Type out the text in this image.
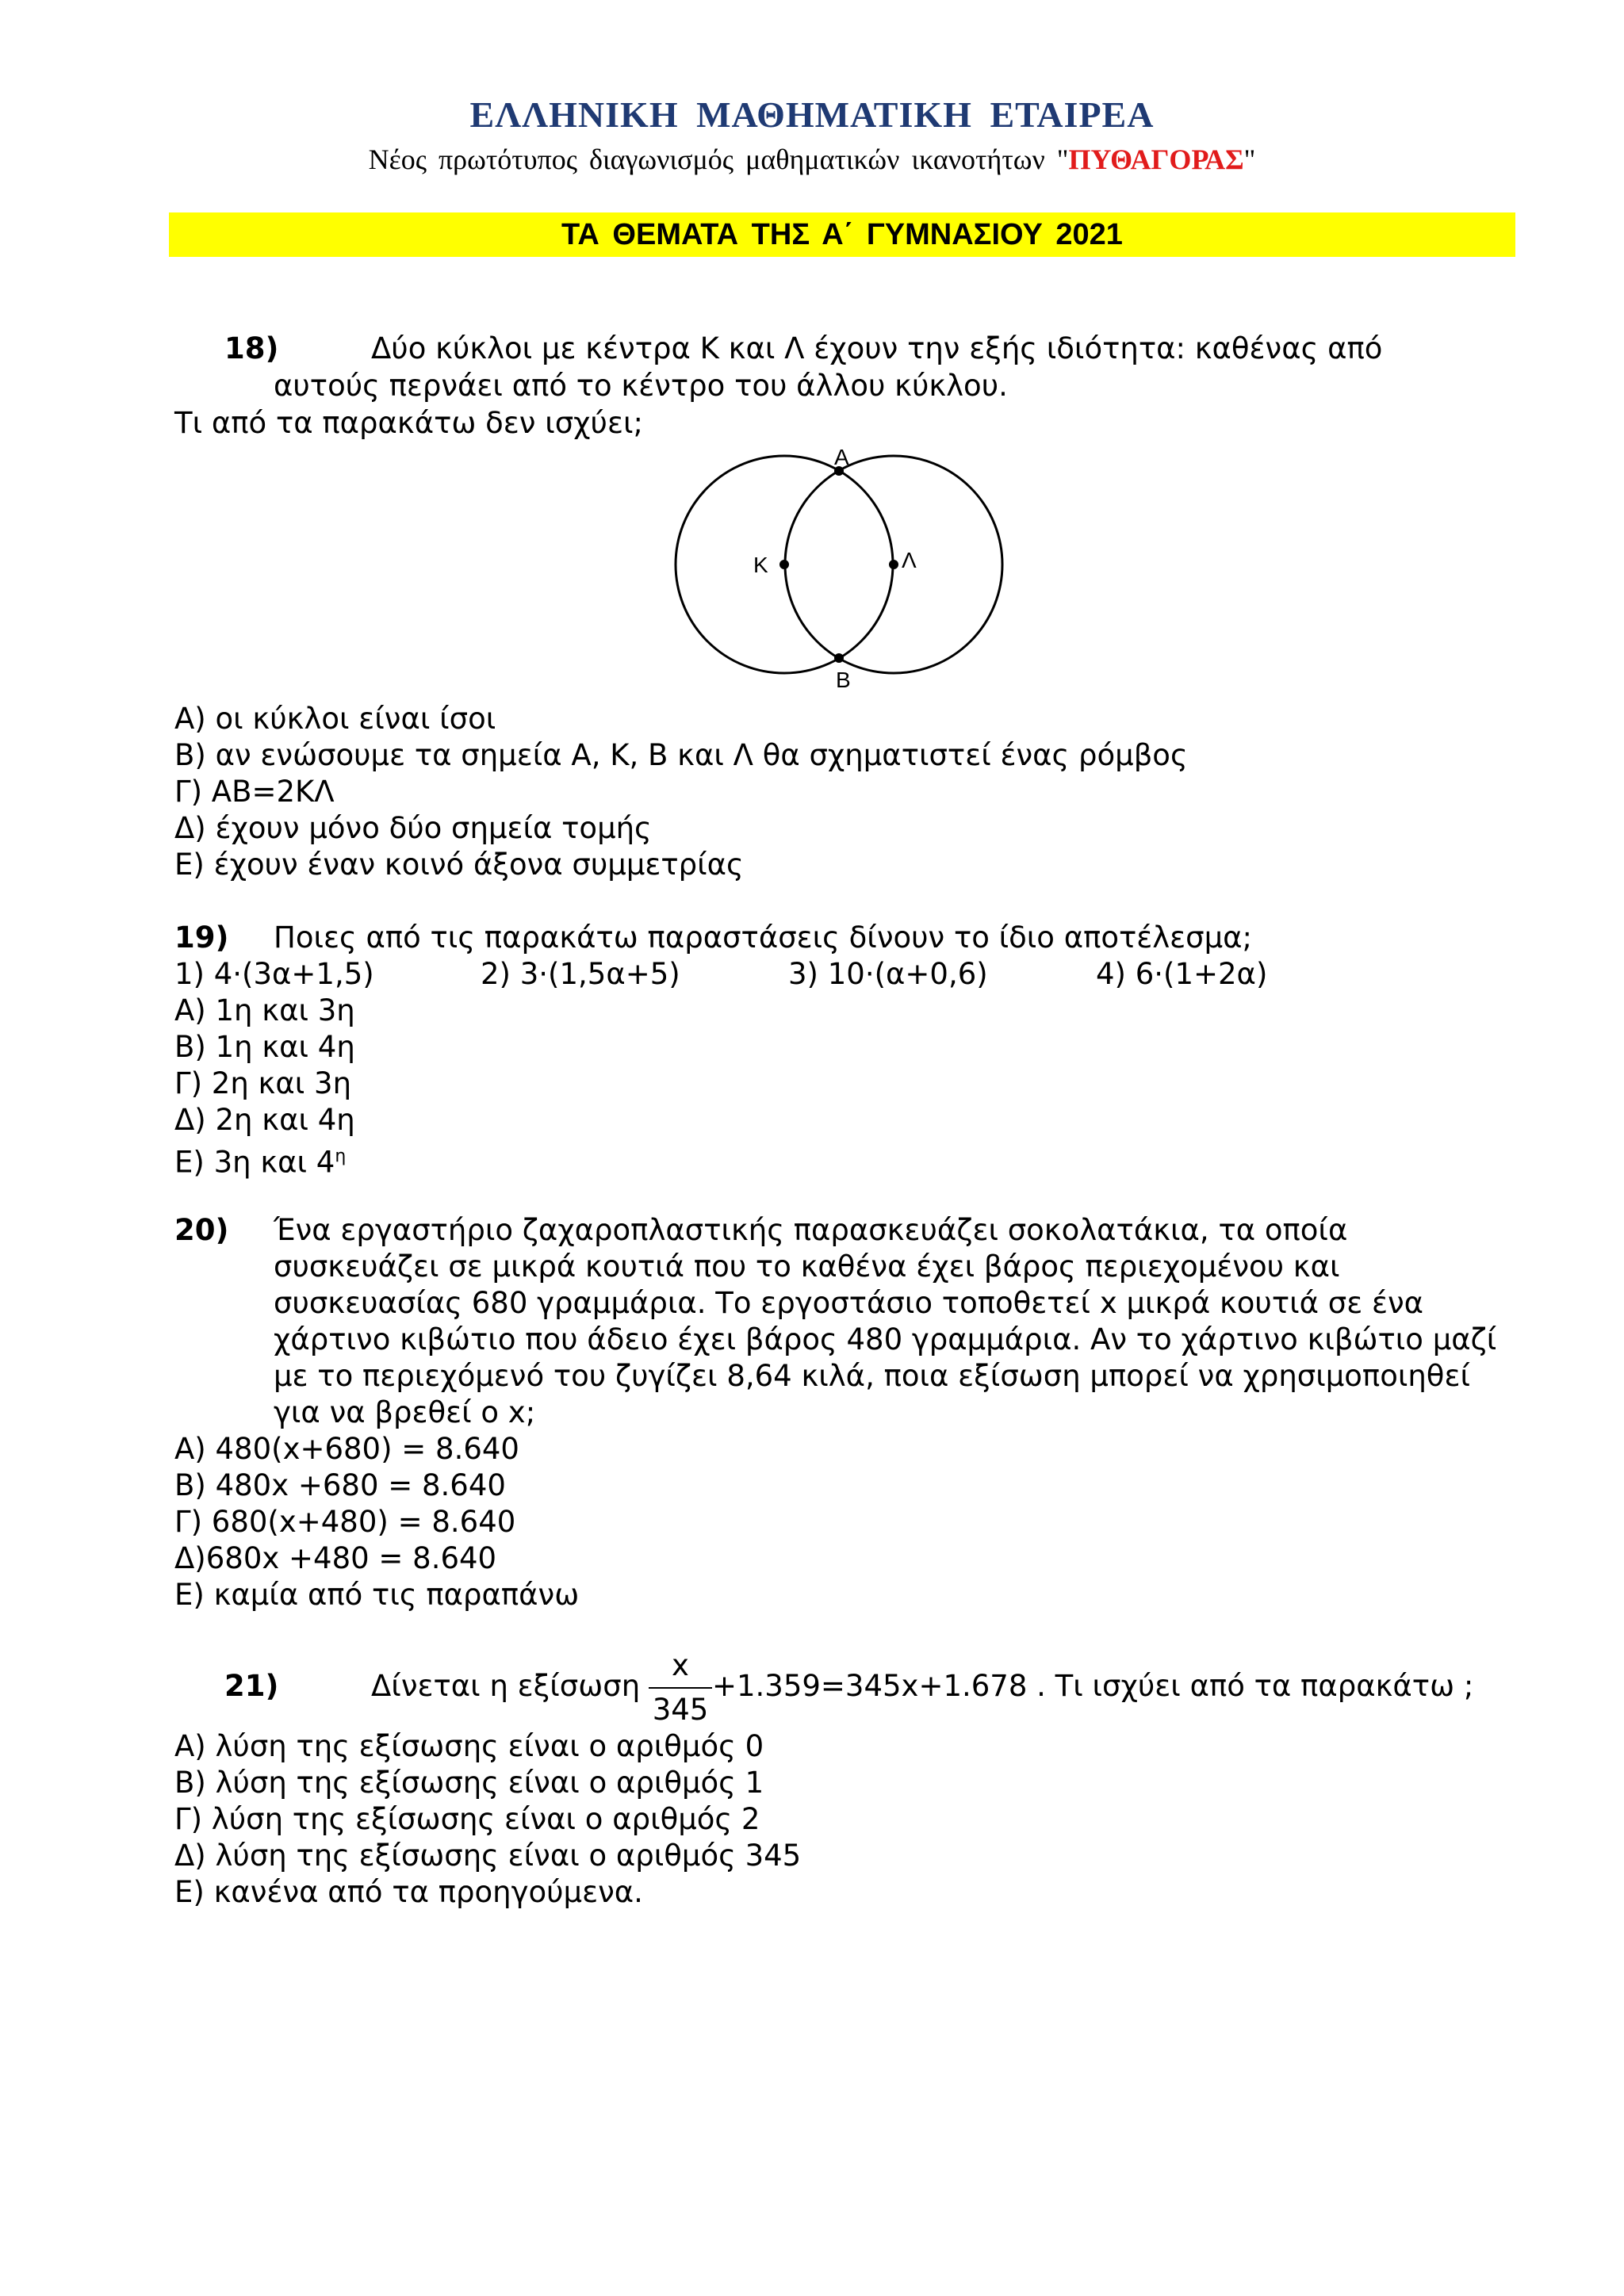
ΕΛΛΗΝΙΚΗ ΜΑΘΗΜΑΤΙΚΗ ΕΤΑΙΡΕΑ
Νέος πρωτότυπος διαγωνισμός μαθηματικών ικανοτήτων "ΠΥΘΑΓΟΡΑΣ"
ΤΑ ΘΕΜΑΤΑ ΤΗΣ Α΄ ΓΥΜΝΑΣΙΟΥ 2021
18)	Δύο κύκλοι με κέντρα Κ και Λ έχουν την εξής ιδιότητα: καθένας από
αυτούς περνάει από το κέντρο του άλλου κύκλου.
Τι από τα παρακάτω δεν ισχύει;
Α
Κ	Λ
Β
Α) οι κύκλοι είναι ίσοι
Β) αν ενώσουμε τα σημεία Α, Κ, Β και Λ θα σχηματιστεί ένας ρόμβος
Γ) ΑΒ=2ΚΛ
Δ) έχουν μόνο δύο σημεία τομής
Ε) έχουν έναν κοινό άξονα συμμετρίας
19) Ποιες από τις παρακάτω παραστάσεις δίνουν το ίδιο αποτέλεσμα;
1) 4·(3α+1,5)	2) 3·(1,5α+5)	3) 10·(α+0,6)	4) 6·(1+2α)
Α) 1η και 3η
Β) 1η και 4η
Γ) 2η και 3η
Δ) 2η και 4η
Ε) 3η και $4^\eta$
20) Ένα εργαστήριο ζαχαροπλαστικής παρασκευάζει σοκολατάκια, τα οποία
συσκευάζει σε μικρά κουτιά που το καθένα έχει βάρος περιεχομένου και
συσκευασίας 680 γραμμάρια. Το εργοστάσιο τοποθετεί x μικρά κουτιά σε ένα
χάρτινο κιβώτιο που άδειο έχει βάρος 480 γραμμάρια. Αν το χάρτινο κιβώτιο μαζί
με το περιεχόμενό του ζυγίζει 8,64 κιλά, ποια εξίσωση μπορεί να χρησιμοποιηθεί
για να βρεθεί ο x;
Α) 480(x+680) = 8.640
Β) 480x +680 = 8.640
Γ) 680(x+480) = 8.640
Δ)680x +480 = 8.640
Ε) καμία από τις παραπάνω
21)	Δίνεται η εξίσωση
x
345
+1.359=345x+1.678 . Τι ισχύει από τα παρακάτω ;
Α) λύση της εξίσωσης είναι ο αριθμός 0
Β) λύση της εξίσωσης είναι ο αριθμός 1
Γ) λύση της εξίσωσης είναι ο αριθμός 2
Δ) λύση της εξίσωσης είναι ο αριθμός 345
Ε) κανένα από τα προηγούμενα.
